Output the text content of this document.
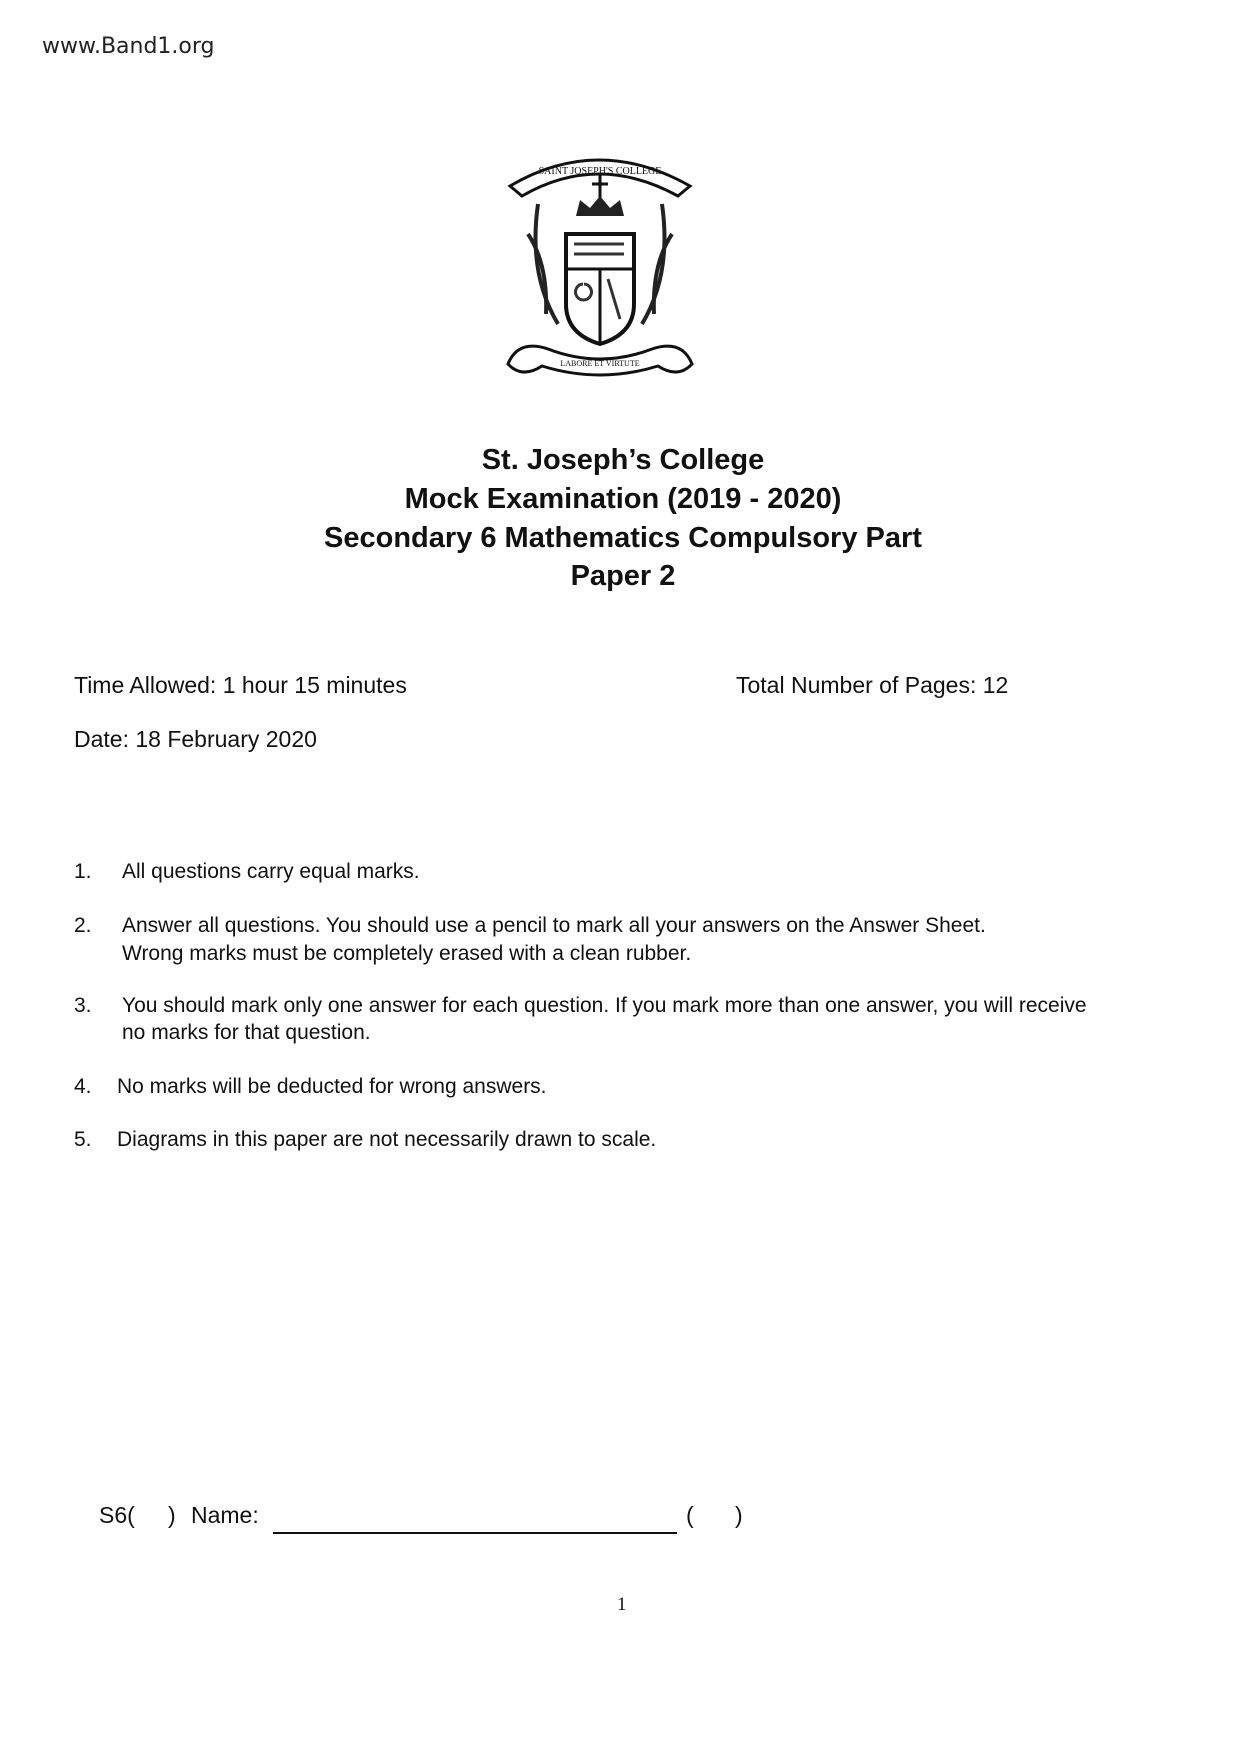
www.Band1.org
SAINT JOSEPH'S COLLEGE
LABORE ET VIRTUTE
St. Joseph’s College
Mock Examination (2019 - 2020)
Secondary 6 Mathematics Compulsory Part
Paper 2
Time Allowed: 1 hour 15 minutes	Total Number of Pages: 12
Date: 18 February 2020
1. All questions carry equal marks.
2. Answer all questions. You should use a pencil to mark all your answers on the Answer Sheet.
Wrong marks must be completely erased with a clean rubber.
3. You should mark only one answer for each question. If you mark more than one answer, you will receive
no marks for that question.
4. No marks will be deducted for wrong answers.
5. Diagrams in this paper are not necessarily drawn to scale.
S6( ) Name:	( )
1
